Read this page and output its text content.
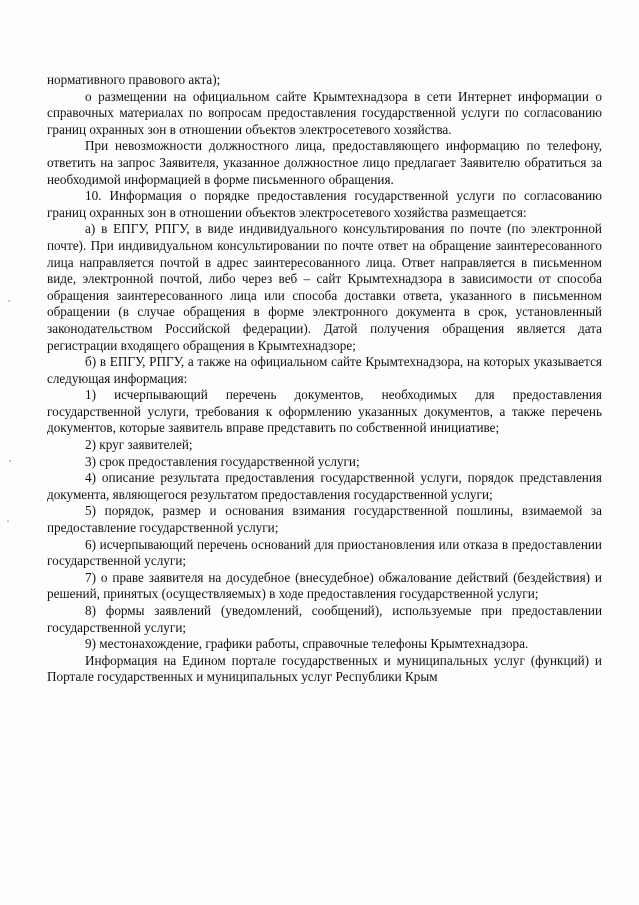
нормативного правового акта);

о размещении на официальном сайте Крымтехнадзора в сети Интернет информации о справочных материалах по вопросам предоставления государственной услуги по согласованию границ охранных зон в отношении объектов электросетевого хозяйства.

При невозможности должностного лица, предоставляющего информацию по телефону, ответить на запрос Заявителя, указанное должностное лицо предлагает Заявителю обратиться за необходимой информацией в форме письменного обращения.

10. Информация о порядке предоставления государственной услуги по согласованию границ охранных зон в отношении объектов электросетевого хозяйства размещается:

а) в ЕПГУ, РПГУ, в виде индивидуального консультирования по почте (по электронной почте). При индивидуальном консультировании по почте ответ на обращение заинтересованного лица направляется почтой в адрес заинтересованного лица. Ответ направляется в письменном виде, электронной почтой, либо через веб – сайт Крымтехнадзора в зависимости от способа обращения заинтересованного лица или способа доставки ответа, указанного в письменном обращении (в случае обращения в форме электронного документа в срок, установленный законодательством Российской федерации). Датой получения обращения является дата регистрации входящего обращения в Крымтехнадзоре;

б) в ЕПГУ, РПГУ, а также на официальном сайте Крымтехнадзора, на которых указывается следующая информация:

1) исчерпывающий перечень документов, необходимых для предоставления государственной услуги, требования к оформлению указанных документов, а также перечень документов, которые заявитель вправе представить по собственной инициативе;

2) круг заявителей;

3) срок предоставления государственной услуги;

4) описание результата предоставления государственной услуги, порядок представления документа, являющегося результатом предоставления государственной услуги;

5) порядок, размер и основания взимания государственной пошлины, взимаемой за предоставление государственной услуги;

6) исчерпывающий перечень оснований для приостановления или отказа в предоставлении государственной услуги;

7) о праве заявителя на досудебное (внесудебное) обжалование действий (бездействия) и решений, принятых (осуществляемых) в ходе предоставления государственной услуги;

8) формы заявлений (уведомлений, сообщений), используемые при предоставлении государственной услуги;

9) местонахождение, графики работы, справочные телефоны Крымтехнадзора.

Информация на Едином портале государственных и муниципальных услуг (функций) и Портале государственных и муниципальных услуг Республики Крым
